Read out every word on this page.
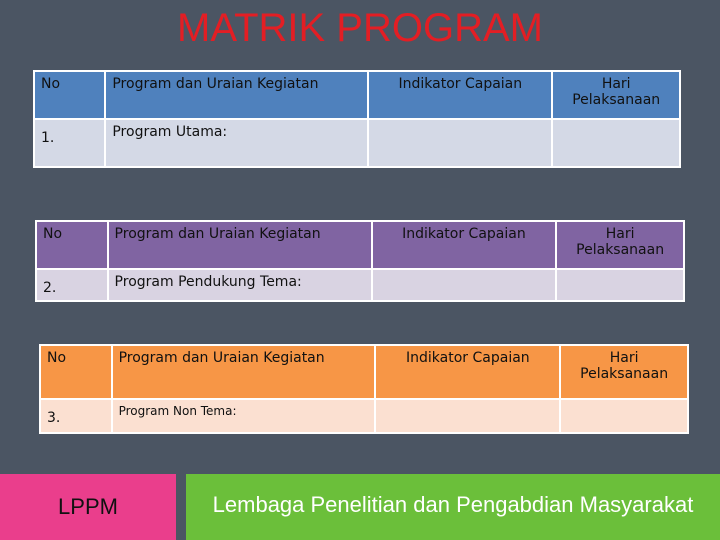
MATRIK PROGRAM
No	Program dan Uraian Kegiatan	Indikator Capaian	Hari Pelaksanaan
1.	Program Utama:		
No	Program dan Uraian Kegiatan	Indikator Capaian	Hari Pelaksanaan
2.	Program Pendukung Tema:		
No	Program dan Uraian Kegiatan	Indikator Capaian	Hari Pelaksanaan
3.	Program Non Tema:		
LPPM	Lembaga Penelitian dan Pengabdian Masyarakat
